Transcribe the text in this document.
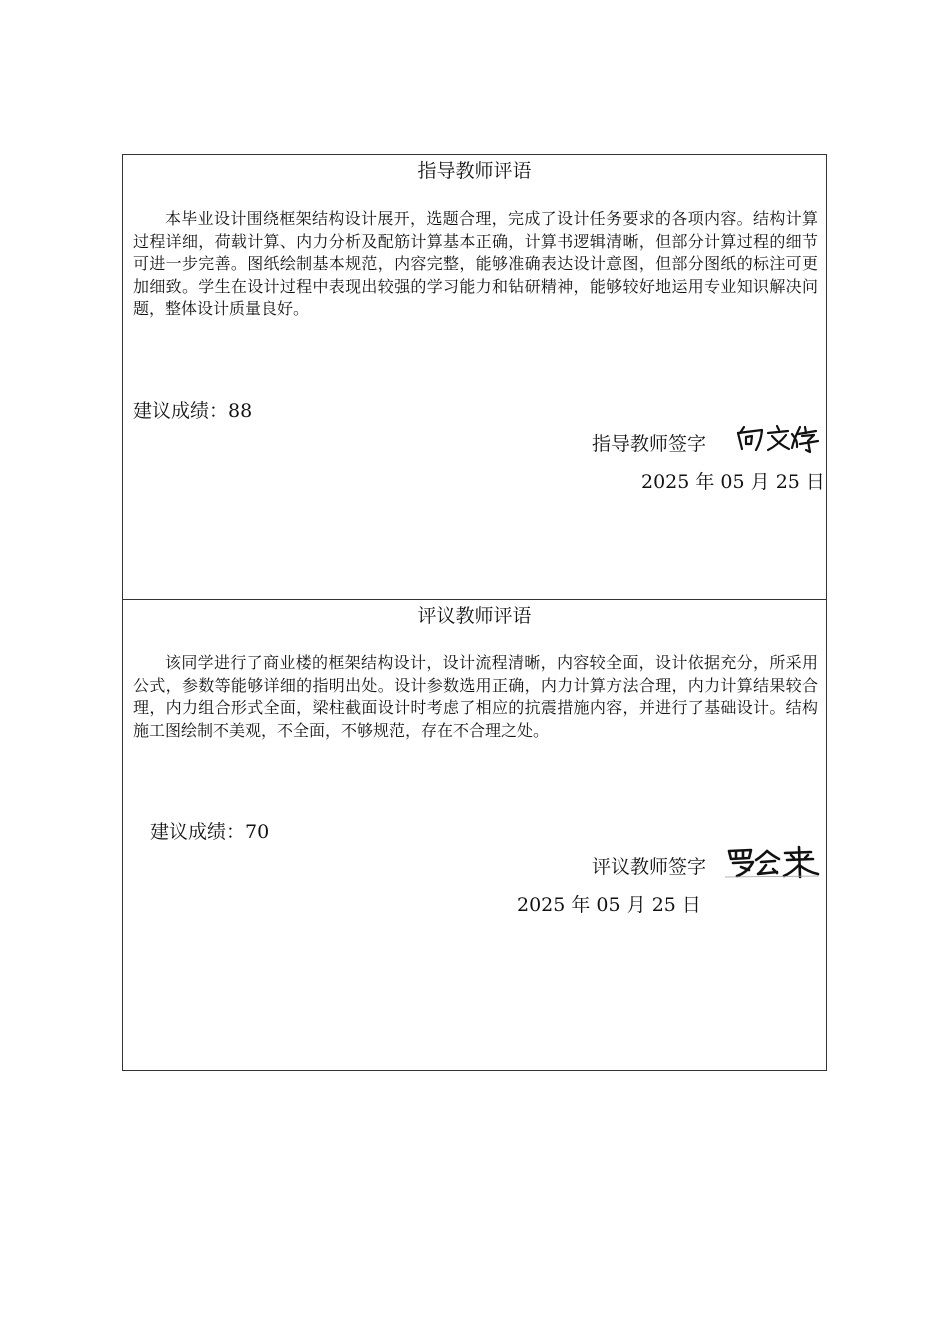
指导教师评语
本毕业设计围绕框架结构设计展开，选题合理，完成了设计任务要求的各项内容。结构计算过程详细，荷载计算、内力分析及配筋计算基本正确，计算书逻辑清晰，但部分计算过程的细节可进一步完善。图纸绘制基本规范，内容完整，能够准确表达设计意图，但部分图纸的标注可更加细致。学生在设计过程中表现出较强的学习能力和钻研精神，能够较好地运用专业知识解决问题，整体设计质量良好。
建议成绩：88
指导教师签字
2025 年 05 月 25 日
评议教师评语
该同学进行了商业楼的框架结构设计，设计流程清晰，内容较全面，设计依据充分，所采用公式，参数等能够详细的指明出处。设计参数选用正确，内力计算方法合理，内力计算结果较合理，内力组合形式全面，梁柱截面设计时考虑了相应的抗震措施内容，并进行了基础设计。结构施工图绘制不美观，不全面，不够规范，存在不合理之处。
建议成绩：70
评议教师签字
2025 年 05 月 25 日
